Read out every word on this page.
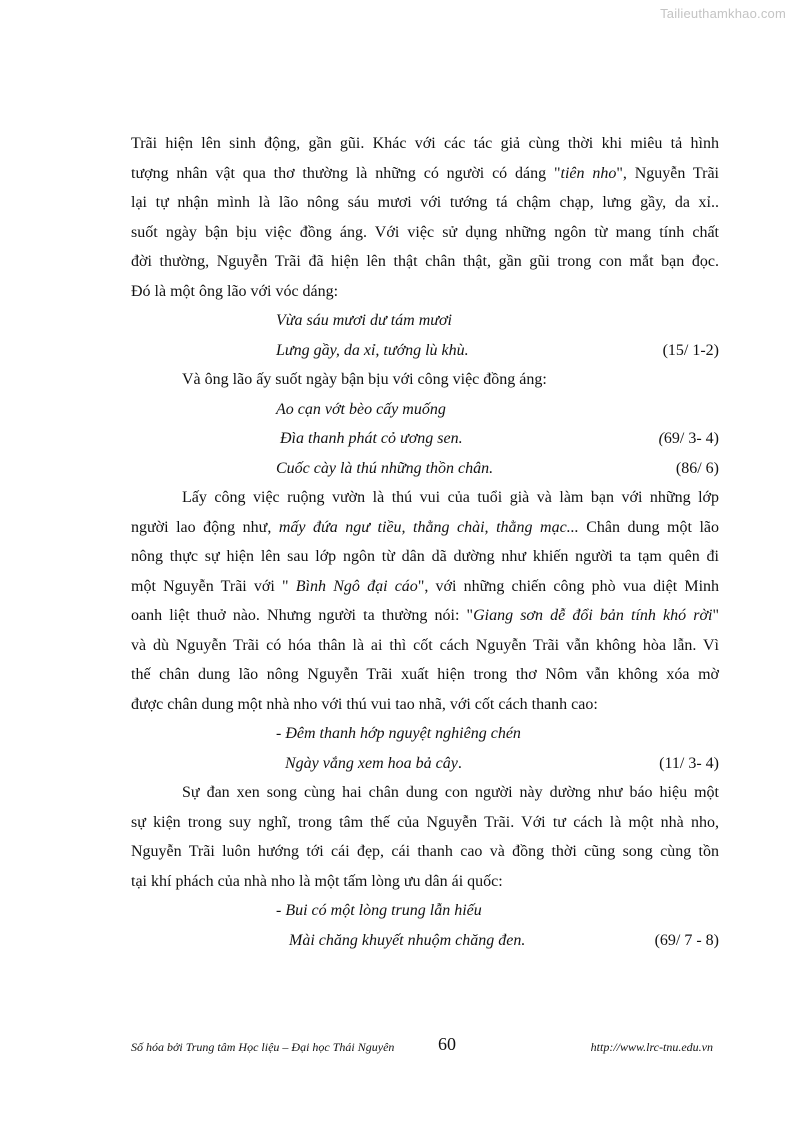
Tailieuthamkhao.com
Trãi hiện lên sinh động, gần gũi. Khác với các tác giả cùng thời khi miêu tả hình
tượng nhân vật qua thơ thường là những có người có dáng "tiên nho", Nguyễn Trãi
lại tự nhận mình là lão nông sáu mươi với tướng tá chậm chạp, lưng gầy, da xỉ..
suốt ngày bận bịu việc đồng áng. Với việc sử dụng những ngôn từ mang tính chất
đời thường, Nguyễn Trãi đã hiện lên thật chân thật, gần gũi trong con mắt bạn đọc.
Đó là một ông lão với vóc dáng:
Vừa sáu mươi dư tám mươi
Lưng gầy, da xỉ, tướng lù khù.	(15/ 1-2)
Và ông lão ấy suốt ngày bận bịu với công việc đồng áng:
Ao cạn vớt bèo cấy muống
Đìa thanh phát cỏ ương sen.	(69/ 3- 4)
Cuốc cày là thú những thồn chân.	(86/ 6)
Lấy công việc ruộng vườn là thú vui của tuổi già và làm bạn với những lớp
người lao động như, mấy đứa ngư tiều, thằng chài, thằng mạc... Chân dung một lão
nông thực sự hiện lên sau lớp ngôn từ dân dã dường như khiến người ta tạm quên đi
một Nguyễn Trãi với " Bình Ngô đại cáo", với những chiến công phò vua diệt Minh
oanh liệt thuở nào. Nhưng người ta thường nói: "Giang sơn dễ đổi bản tính khó rời"
và dù Nguyễn Trãi có hóa thân là ai thì cốt cách Nguyễn Trãi vẫn không hòa lẫn. Vì
thế chân dung lão nông Nguyễn Trãi xuất hiện trong thơ Nôm vẫn không xóa mờ
được chân dung một nhà nho với thú vui tao nhã, với cốt cách thanh cao:
- Đêm thanh hớp nguyệt nghiêng chén
Ngày vắng xem hoa bả cây.	(11/ 3- 4)
Sự đan xen song cùng hai chân dung con người này dường như báo hiệu một
sự kiện trong suy nghĩ, trong tâm thế của Nguyễn Trãi. Với tư cách là một nhà nho,
Nguyễn Trãi luôn hướng tới cái đẹp, cái thanh cao và đồng thời cũng song cùng tồn
tại khí phách của nhà nho là một tấm lòng ưu dân ái quốc:
- Bui có một lòng trung lẫn hiếu
Mài chăng khuyết nhuộm chăng đen.	(69/ 7 - 8)
Số hóa bởi Trung tâm Học liệu – Đại học Thái Nguyên 60	http://www.lrc-tnu.edu.vn
